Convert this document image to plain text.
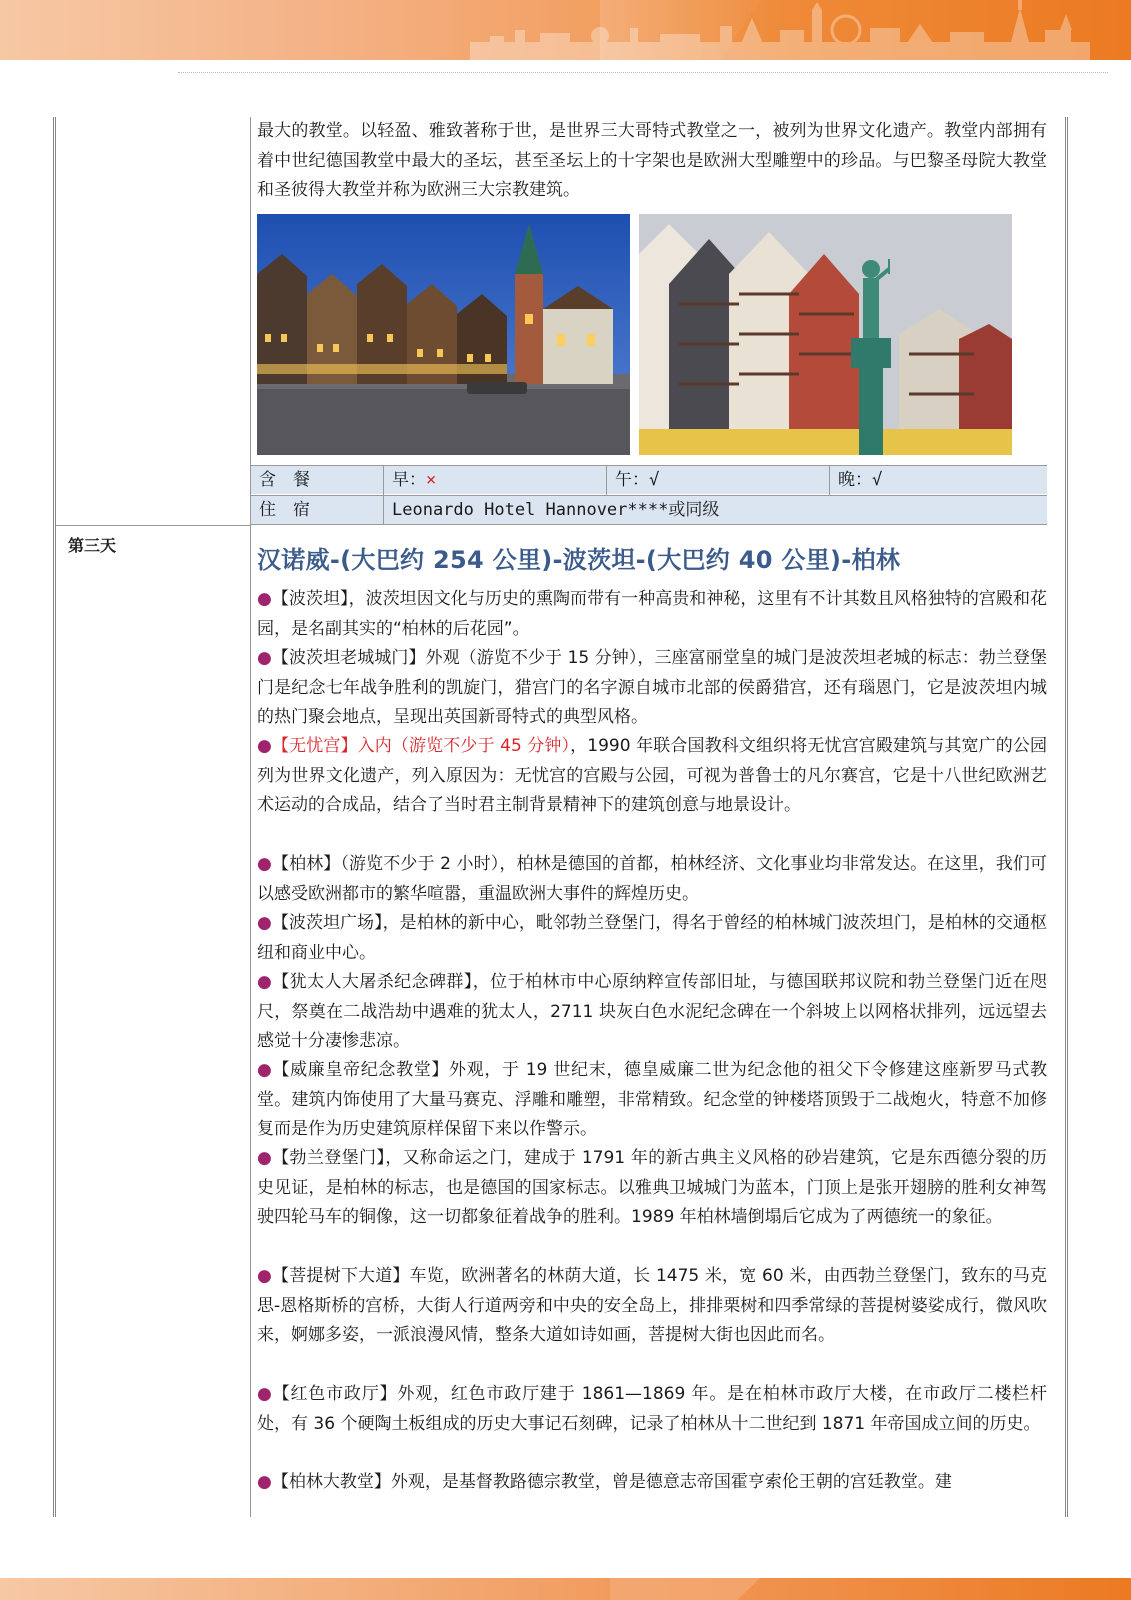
最大的教堂。以轻盈、雅致著称于世，是世界三大哥特式教堂之一，被列为世界文化遗产。教堂内部拥有着中世纪德国教堂中最大的圣坛，甚至圣坛上的十字架也是欧洲大型雕塑中的珍品。与巴黎圣母院大教堂和圣彼得大教堂并称为欧洲三大宗教建筑。
含　餐	早：×	午：√	晚：√
住　宿	Leonardo Hotel Hannover****或同级
第三天
汉诺威-(大巴约 254 公里)-波茨坦-(大巴约 40 公里)-柏林
●【波茨坦】，波茨坦因文化与历史的熏陶而带有一种高贵和神秘，这里有不计其数且风格独特的宫殿和花园，是名副其实的“柏林的后花园”。
●【波茨坦老城城门】外观（游览不少于 15 分钟），三座富丽堂皇的城门是波茨坦老城的标志：勃兰登堡门是纪念七年战争胜利的凯旋门，猎宫门的名字源自城市北部的侯爵猎宫，还有瑙恩门，它是波茨坦内城的热门聚会地点，呈现出英国新哥特式的典型风格。
●【无忧宫】入内（游览不少于 45 分钟），1990 年联合国教科文组织将无忧宫宫殿建筑与其宽广的公园列为世界文化遗产，列入原因为：无忧宫的宫殿与公园，可视为普鲁士的凡尔赛宫，它是十八世纪欧洲艺术运动的合成品，结合了当时君主制背景精神下的建筑创意与地景设计。
●【柏林】（游览不少于 2 小时），柏林是德国的首都，柏林经济、文化事业均非常发达。在这里，我们可以感受欧洲都市的繁华喧嚣，重温欧洲大事件的辉煌历史。
●【波茨坦广场】，是柏林的新中心，毗邻勃兰登堡门，得名于曾经的柏林城门波茨坦门，是柏林的交通枢纽和商业中心。
●【犹太人大屠杀纪念碑群】，位于柏林市中心原纳粹宣传部旧址，与德国联邦议院和勃兰登堡门近在咫尺，祭奠在二战浩劫中遇难的犹太人，2711 块灰白色水泥纪念碑在一个斜坡上以网格状排列，远远望去感觉十分凄惨悲凉。
●【威廉皇帝纪念教堂】外观，于 19 世纪末，德皇威廉二世为纪念他的祖父下令修建这座新罗马式教堂。建筑内饰使用了大量马赛克、浮雕和雕塑，非常精致。纪念堂的钟楼塔顶毁于二战炮火，特意不加修复而是作为历史建筑原样保留下来以作警示。
●【勃兰登堡门】，又称命运之门，建成于 1791 年的新古典主义风格的砂岩建筑，它是东西德分裂的历史见证，是柏林的标志，也是德国的国家标志。以雅典卫城城门为蓝本，门顶上是张开翅膀的胜利女神驾驶四轮马车的铜像，这一切都象征着战争的胜利。1989 年柏林墙倒塌后它成为了两德统一的象征。
●【菩提树下大道】车览，欧洲著名的林荫大道，长 1475 米，宽 60 米，由西勃兰登堡门，致东的马克思-恩格斯桥的宫桥，大街人行道两旁和中央的安全岛上，排排栗树和四季常绿的菩提树婆娑成行，微风吹来，婀娜多姿，一派浪漫风情，整条大道如诗如画，菩提树大街也因此而名。
●【红色市政厅】外观，红色市政厅建于 1861—1869 年。是在柏林市政厅大楼，在市政厅二楼栏杆处，有 36 个硬陶土板组成的历史大事记石刻碑，记录了柏林从十二世纪到 1871 年帝国成立间的历史。
●【柏林大教堂】外观，是基督教路德宗教堂，曾是德意志帝国霍亨索伦王朝的宫廷教堂。建
